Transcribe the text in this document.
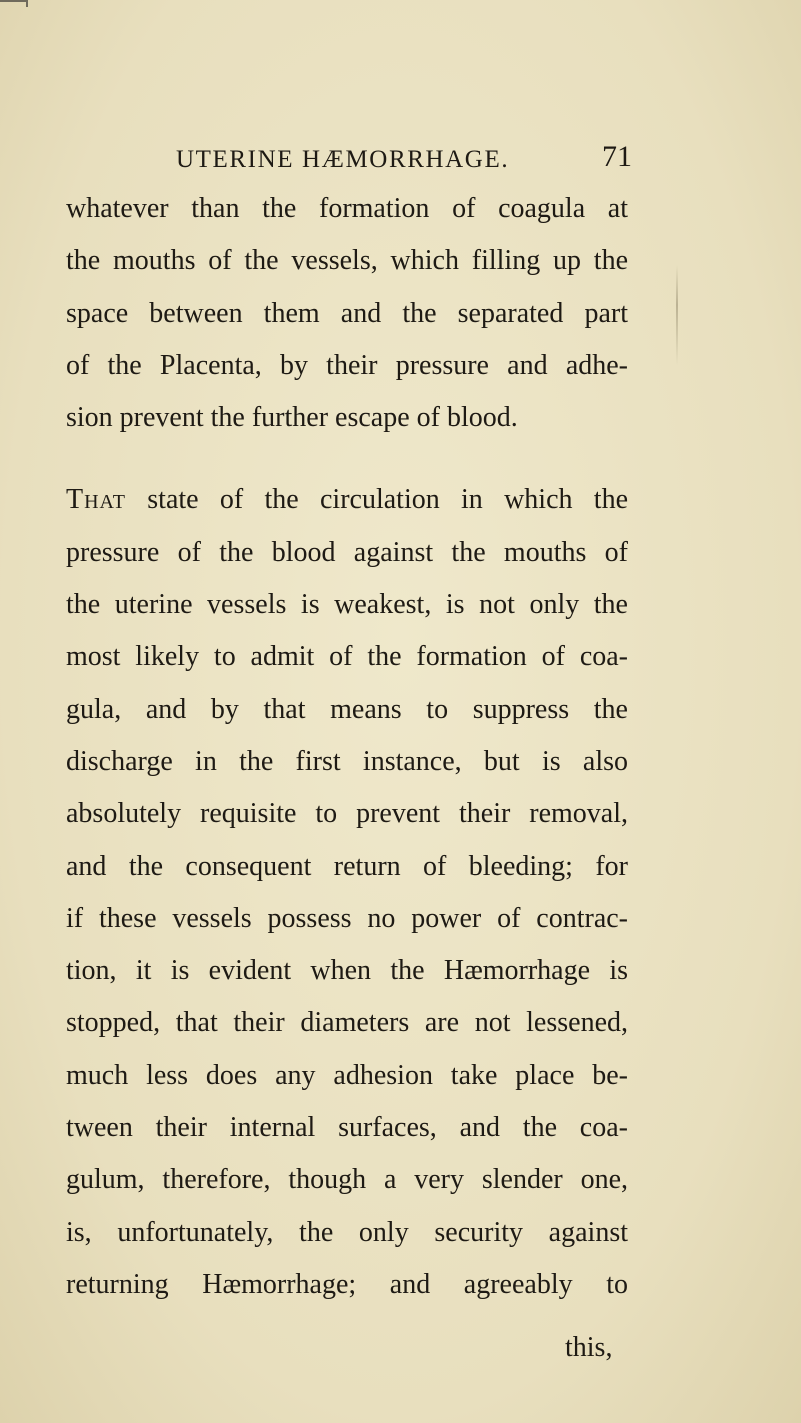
UTERINE HÆMORRHAGE.	71
whatever than the formation of coagula at
the mouths of the vessels, which filling up the
space between them and the separated part
of the Placenta, by their pressure and adhe-
sion prevent the further escape of blood.
That state of the circulation in which the
pressure of the blood against the mouths of
the uterine vessels is weakest, is not only the
most likely to admit of the formation of coa-
gula, and by that means to suppress the
discharge in the first instance, but is also
absolutely requisite to prevent their removal,
and the consequent return of bleeding; for
if these vessels possess no power of contrac-
tion, it is evident when the Hæmorrhage is
stopped, that their diameters are not lessened,
much less does any adhesion take place be-
tween their internal surfaces, and the coa-
gulum, therefore, though a very slender one,
is, unfortunately, the only security against
returning Hæmorrhage; and agreeably to
this,
